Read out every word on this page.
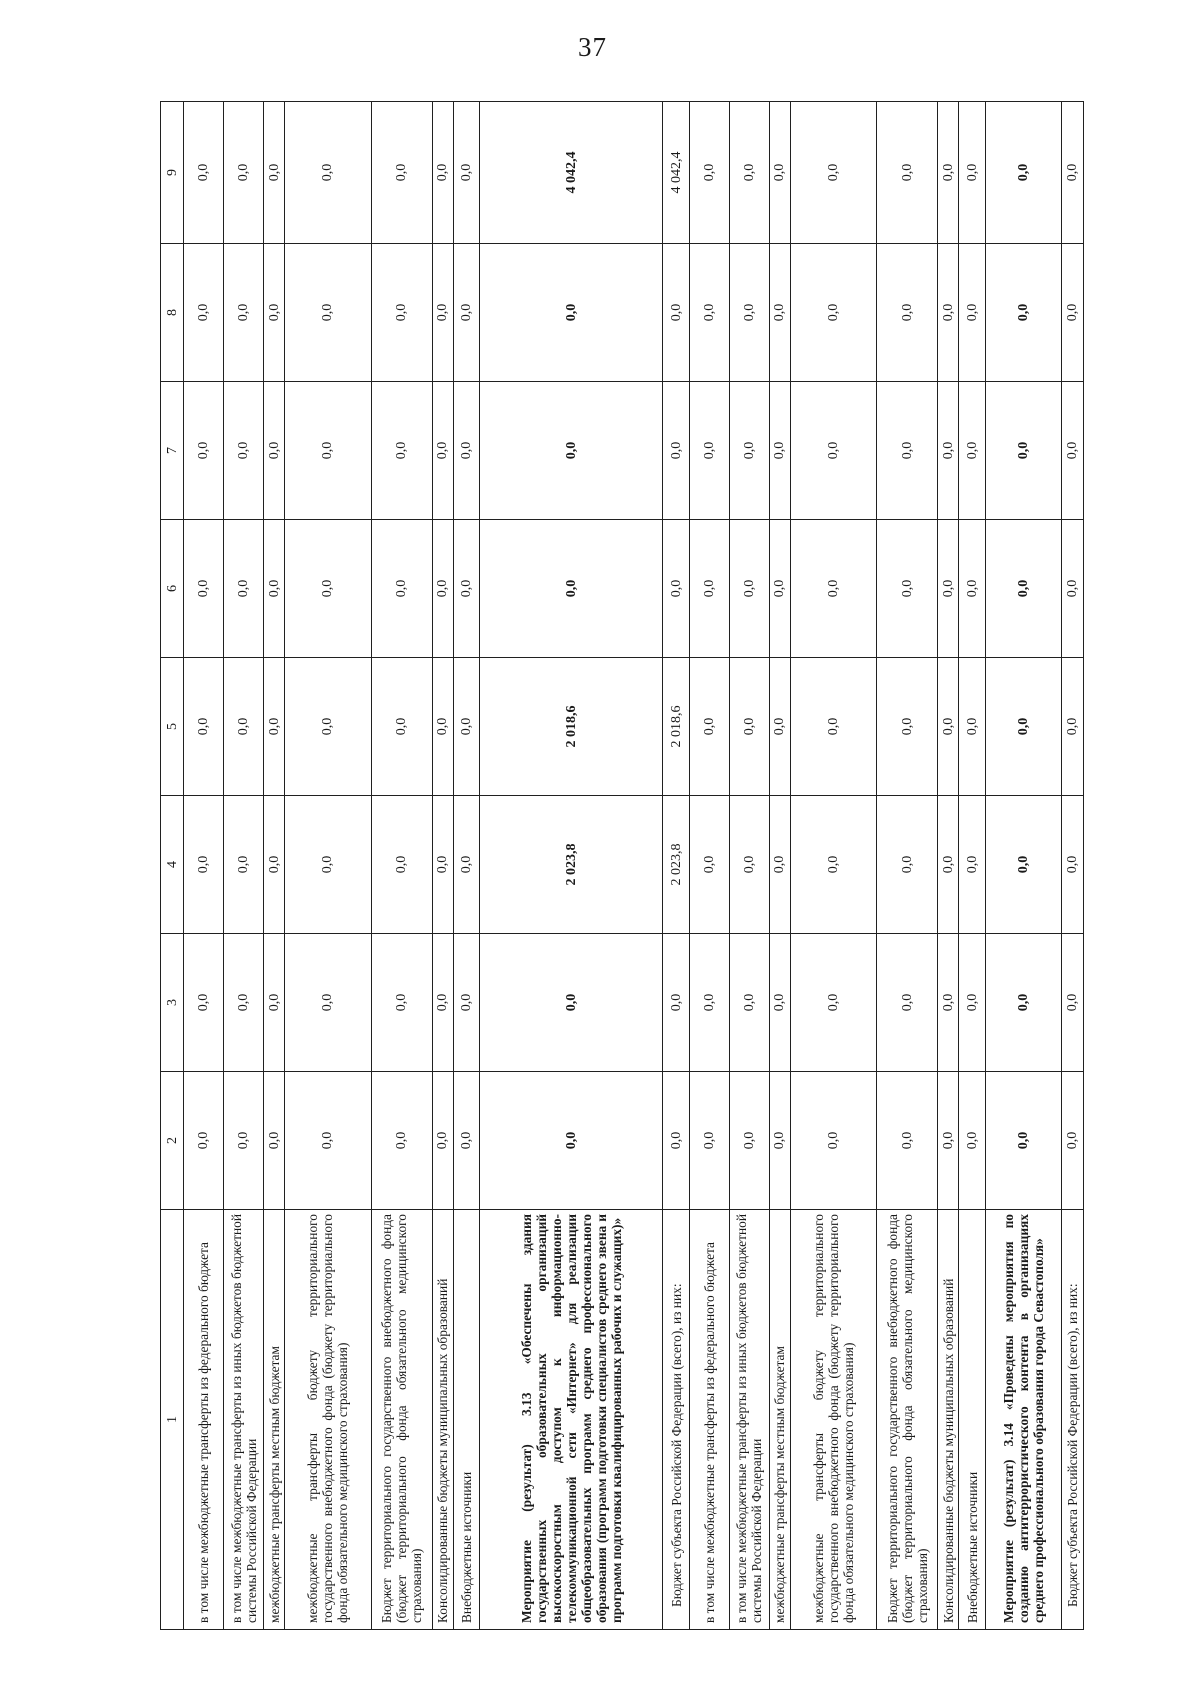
37
1	2	3	4	5	6	7	8	9
в том числе межбюджетные трансферты из федерального бюджета	0,0	0,0	0,0	0,0	0,0	0,0	0,0	0,0
в том числе межбюджетные трансферты из иных бюджетов бюджетной системы Российской Федерации	0,0	0,0	0,0	0,0	0,0	0,0	0,0	0,0
межбюджетные трансферты местным бюджетам	0,0	0,0	0,0	0,0	0,0	0,0	0,0	0,0
межбюджетные трансферты бюджету территориального государственного внебюджетного фонда (бюджету территориального фонда обязательного медицинского страхования)	0,0	0,0	0,0	0,0	0,0	0,0	0,0	0,0
Бюджет территориального государственного внебюджетного фонда (бюджет территориального фонда обязательного медицинского страхования)	0,0	0,0	0,0	0,0	0,0	0,0	0,0	0,0
Консолидированные бюджеты муниципальных образований	0,0	0,0	0,0	0,0	0,0	0,0	0,0	0,0
Внебюджетные источники	0,0	0,0	0,0	0,0	0,0	0,0	0,0	0,0
Мероприятие (результат) 3.13 «Обеспечены здания государственных образовательных организаций высокоскоростным доступом к информационно-телекоммуникационной сети «Интернет» для реализации общеобразовательных программ среднего профессионального образования (программ подготовки специалистов среднего звена и программ подготовки квалифицированных рабочих и служащих)»	0,0	0,0	2 023,8	2 018,6	0,0	0,0	0,0	4 042,4
Бюджет субъекта Российской Федерации (всего), из них:	0,0	0,0	2 023,8	2 018,6	0,0	0,0	0,0	4 042,4
в том числе межбюджетные трансферты из федерального бюджета	0,0	0,0	0,0	0,0	0,0	0,0	0,0	0,0
в том числе межбюджетные трансферты из иных бюджетов бюджетной системы Российской Федерации	0,0	0,0	0,0	0,0	0,0	0,0	0,0	0,0
межбюджетные трансферты местным бюджетам	0,0	0,0	0,0	0,0	0,0	0,0	0,0	0,0
межбюджетные трансферты бюджету территориального государственного внебюджетного фонда (бюджету территориального фонда обязательного медицинского страхования)	0,0	0,0	0,0	0,0	0,0	0,0	0,0	0,0
Бюджет территориального государственного внебюджетного фонда (бюджет территориального фонда обязательного медицинского страхования)	0,0	0,0	0,0	0,0	0,0	0,0	0,0	0,0
Консолидированные бюджеты муниципальных образований	0,0	0,0	0,0	0,0	0,0	0,0	0,0	0,0
Внебюджетные источники	0,0	0,0	0,0	0,0	0,0	0,0	0,0	0,0
Мероприятие (результат) 3.14 «Проведены мероприятия по созданию антитеррористического контента в организациях среднего профессионального образования города Севастополя»	0,0	0,0	0,0	0,0	0,0	0,0	0,0	0,0
Бюджет субъекта Российской Федерации (всего), из них:	0,0	0,0	0,0	0,0	0,0	0,0	0,0	0,0
